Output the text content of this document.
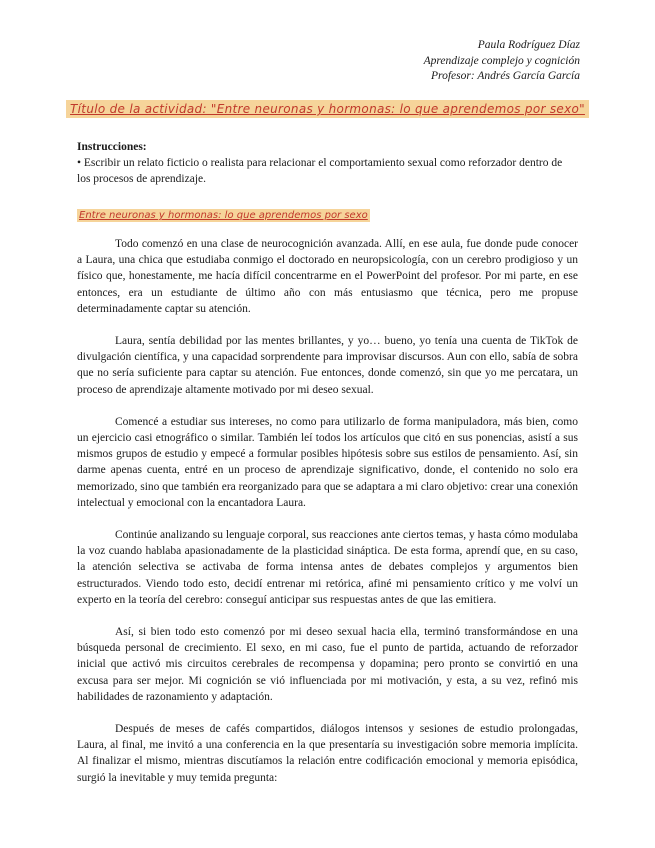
Paula Rodríguez Díaz
Aprendizaje complejo y cognición
Profesor: Andrés García García
Título de la actividad: "Entre neuronas y hormonas: lo que aprendemos por sexo"
Instrucciones:
• Escribir un relato ficticio o realista para relacionar el comportamiento sexual como reforzador dentro de los procesos de aprendizaje.
Entre neuronas y hormonas: lo que aprendemos por sexo

Todo comenzó en una clase de neurocognición avanzada. Allí, en ese aula, fue donde pude conocer a Laura, una chica que estudiaba conmigo el doctorado en neuropsicología, con un cerebro prodigioso y un físico que, honestamente, me hacía difícil concentrarme en el PowerPoint del profesor. Por mi parte, en ese entonces, era un estudiante de último año con más entusiasmo que técnica, pero me propuse determinadamente captar su atención.

Laura, sentía debilidad por las mentes brillantes, y yo… bueno, yo tenía una cuenta de TikTok de divulgación científica, y una capacidad sorprendente para improvisar discursos. Aun con ello, sabía de sobra que no sería suficiente para captar su atención. Fue entonces, donde comenzó, sin que yo me percatara, un proceso de aprendizaje altamente motivado por mi deseo sexual.

Comencé a estudiar sus intereses, no como para utilizarlo de forma manipuladora, más bien, como un ejercicio casi etnográfico o similar. También leí todos los artículos que citó en sus ponencias, asistí a sus mismos grupos de estudio y empecé a formular posibles hipótesis sobre sus estilos de pensamiento. Así, sin darme apenas cuenta, entré en un proceso de aprendizaje significativo, donde, el contenido no solo era memorizado, sino que también era reorganizado para que se adaptara a mi claro objetivo: crear una conexión intelectual y emocional con la encantadora Laura.

Continúe analizando su lenguaje corporal, sus reacciones ante ciertos temas, y hasta cómo modulaba la voz cuando hablaba apasionadamente de la plasticidad sináptica. De esta forma, aprendí que, en su caso, la atención selectiva se activaba de forma intensa antes de debates complejos y argumentos bien estructurados. Viendo todo esto, decidí entrenar mi retórica, afiné mi pensamiento crítico y me volví un experto en la teoría del cerebro: conseguí anticipar sus respuestas antes de que las emitiera.

Así, si bien todo esto comenzó por mi deseo sexual hacia ella, terminó transformándose en una búsqueda personal de crecimiento. El sexo, en mi caso, fue el punto de partida, actuando de reforzador inicial que activó mis circuitos cerebrales de recompensa y dopamina; pero pronto se convirtió en una excusa para ser mejor. Mi cognición se vió influenciada por mi motivación, y esta, a su vez, refinó mis habilidades de razonamiento y adaptación.

Después de meses de cafés compartidos, diálogos intensos y sesiones de estudio prolongadas, Laura, al final, me invitó a una conferencia en la que presentaría su investigación sobre memoria implícita. Al finalizar el mismo, mientras discutíamos la relación entre codificación emocional y memoria episódica, surgió la inevitable y muy temida pregunta:
